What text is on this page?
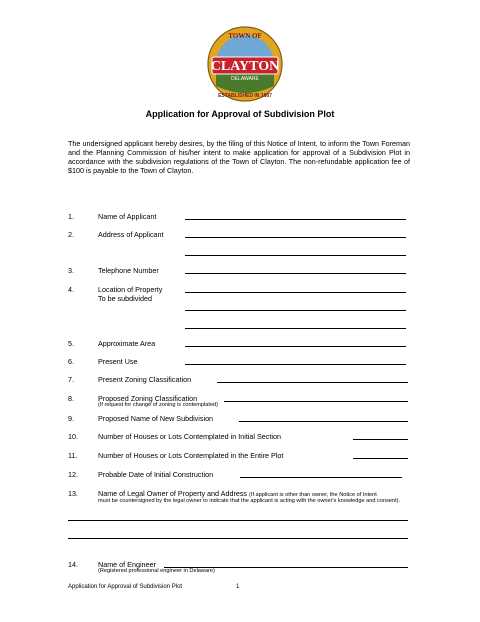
CLAYTON
DELAWARE
TOWN OF
ESTABLISHED IN 1887
Application for Approval of Subdivision Plot
The undersigned applicant hereby desires, by the filing of this Notice of Intent, to inform the Town Foreman and the Planning Commission of his/her intent to make application for approval of a Subdivision Plot in accordance with the subdivision regulations of the Town of Clayton. The non-refundable application fee of $100 is payable to the Town of Clayton.
1.	Name of Applicant
2.	Address of Applicant
3.	Telephone Number
4.	Location of Property
To be subdivided
5.	Approximate Area
6.	Present Use
7.	Present Zoning Classification
8.	Proposed Zoning Classification
(If request for change of zoning is contemplated)
9.	Proposed Name of New Subdivision
10.	Number of Houses or Lots Contemplated in Initial Section
11.	Number of Houses or Lots Contemplated in the Entire Plot
12.	Probable Date of Initial Construction
13.	Name of Legal Owner of Property and Address (If applicant is other than owner, the Notice of Intent
must be countersigned by the legal owner to indicate that the applicant is acting with the owner's knowledge and consent).
14.	Name of Engineer
(Registered professional engineer in Delaware)
Application for Approval of Subdivision Plot	1
